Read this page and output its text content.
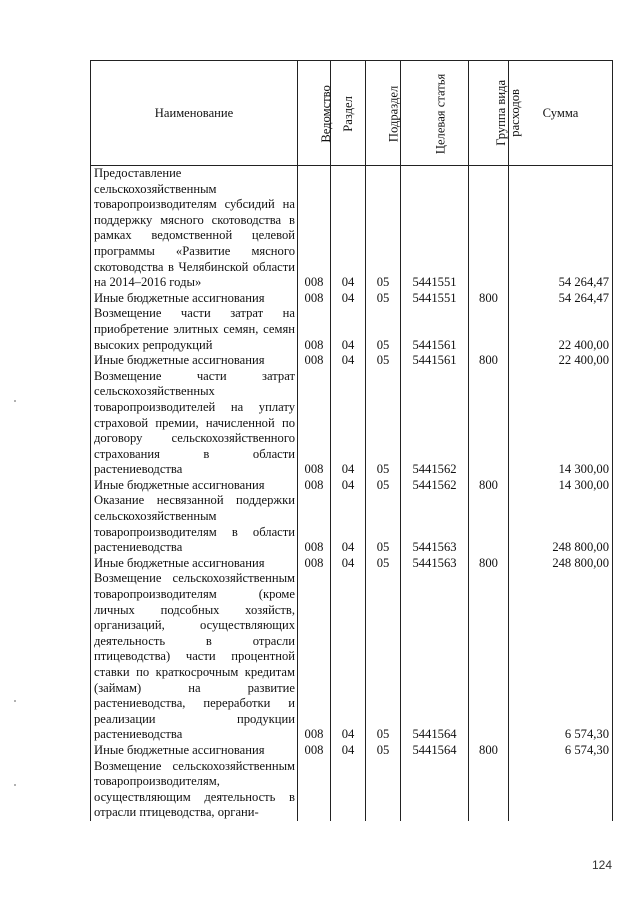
Наименование	Ведомство	Раздел	Подраздел	Целевая статья	Группа вида расходов	Сумма
Предоставление сельскохозяйственным товаропроизводителям субсидий на поддержку мясного скотоводства в рамках ведомственной целевой программы «Развитие мясного скотоводства в Челябинской области на 2014–2016 годы»	008	04	05	5441551		54 264,47
Иные бюджетные ассигнования	008	04	05	5441551	800	54 264,47
Возмещение части затрат на приобретение элитных семян, семян высоких репродукций	008	04	05	5441561		22 400,00
Иные бюджетные ассигнования	008	04	05	5441561	800	22 400,00
Возмещение части затрат сельскохозяйственных товаропроизводителей на уплату страховой премии, начисленной по договору сельскохозяйственного страхования в области растениеводства	008	04	05	5441562		14 300,00
Иные бюджетные ассигнования	008	04	05	5441562	800	14 300,00
Оказание несвязанной поддержки сельскохозяйственным товаропроизводителям в области растениеводства	008	04	05	5441563		248 800,00
Иные бюджетные ассигнования	008	04	05	5441563	800	248 800,00
Возмещение сельскохозяйственным товаропроизводителям (кроме личных подсобных хозяйств, организаций, осуществляющих деятельность в отрасли птицеводства) части процентной ставки по краткосрочным кредитам (займам) на развитие растениеводства, переработки и реализации продукции растениеводства	008	04	05	5441564		6 574,30
Иные бюджетные ассигнования	008	04	05	5441564	800	6 574,30
Возмещение сельскохозяйственным товаропроизводителям, осуществляющим деятельность в отрасли птицеводства, органи-						
124
